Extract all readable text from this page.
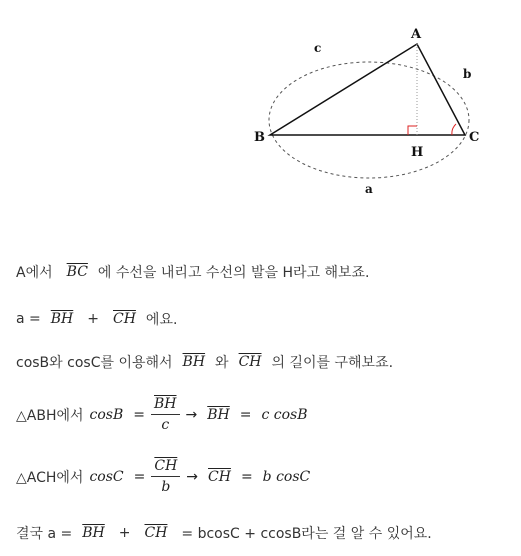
A
B	C
H
a
b
c
A에서 $\overline{BC}$ 에 수선을 내리고 수선의 발을 H라고 해보죠.
$a = \overline{BH} + \overline{CH}$ 에요.
cosB와 cosC를 이용해서 $\overline{BH}$ 와 $\overline{CH}$ 의 길이를 구해보죠.
△ABH에서 $\cos B = \frac{\overline{BH}}{c} \to \overline{BH} = c$ cosB
△ACH에서 $\cos C = \frac{\overline{CH}}{b} \to \overline{CH} = b$ cosC
결국 $a = \overline{BH} + \overline{CH} = bcosC + ccosB$라는 걸 알 수 있어요.
